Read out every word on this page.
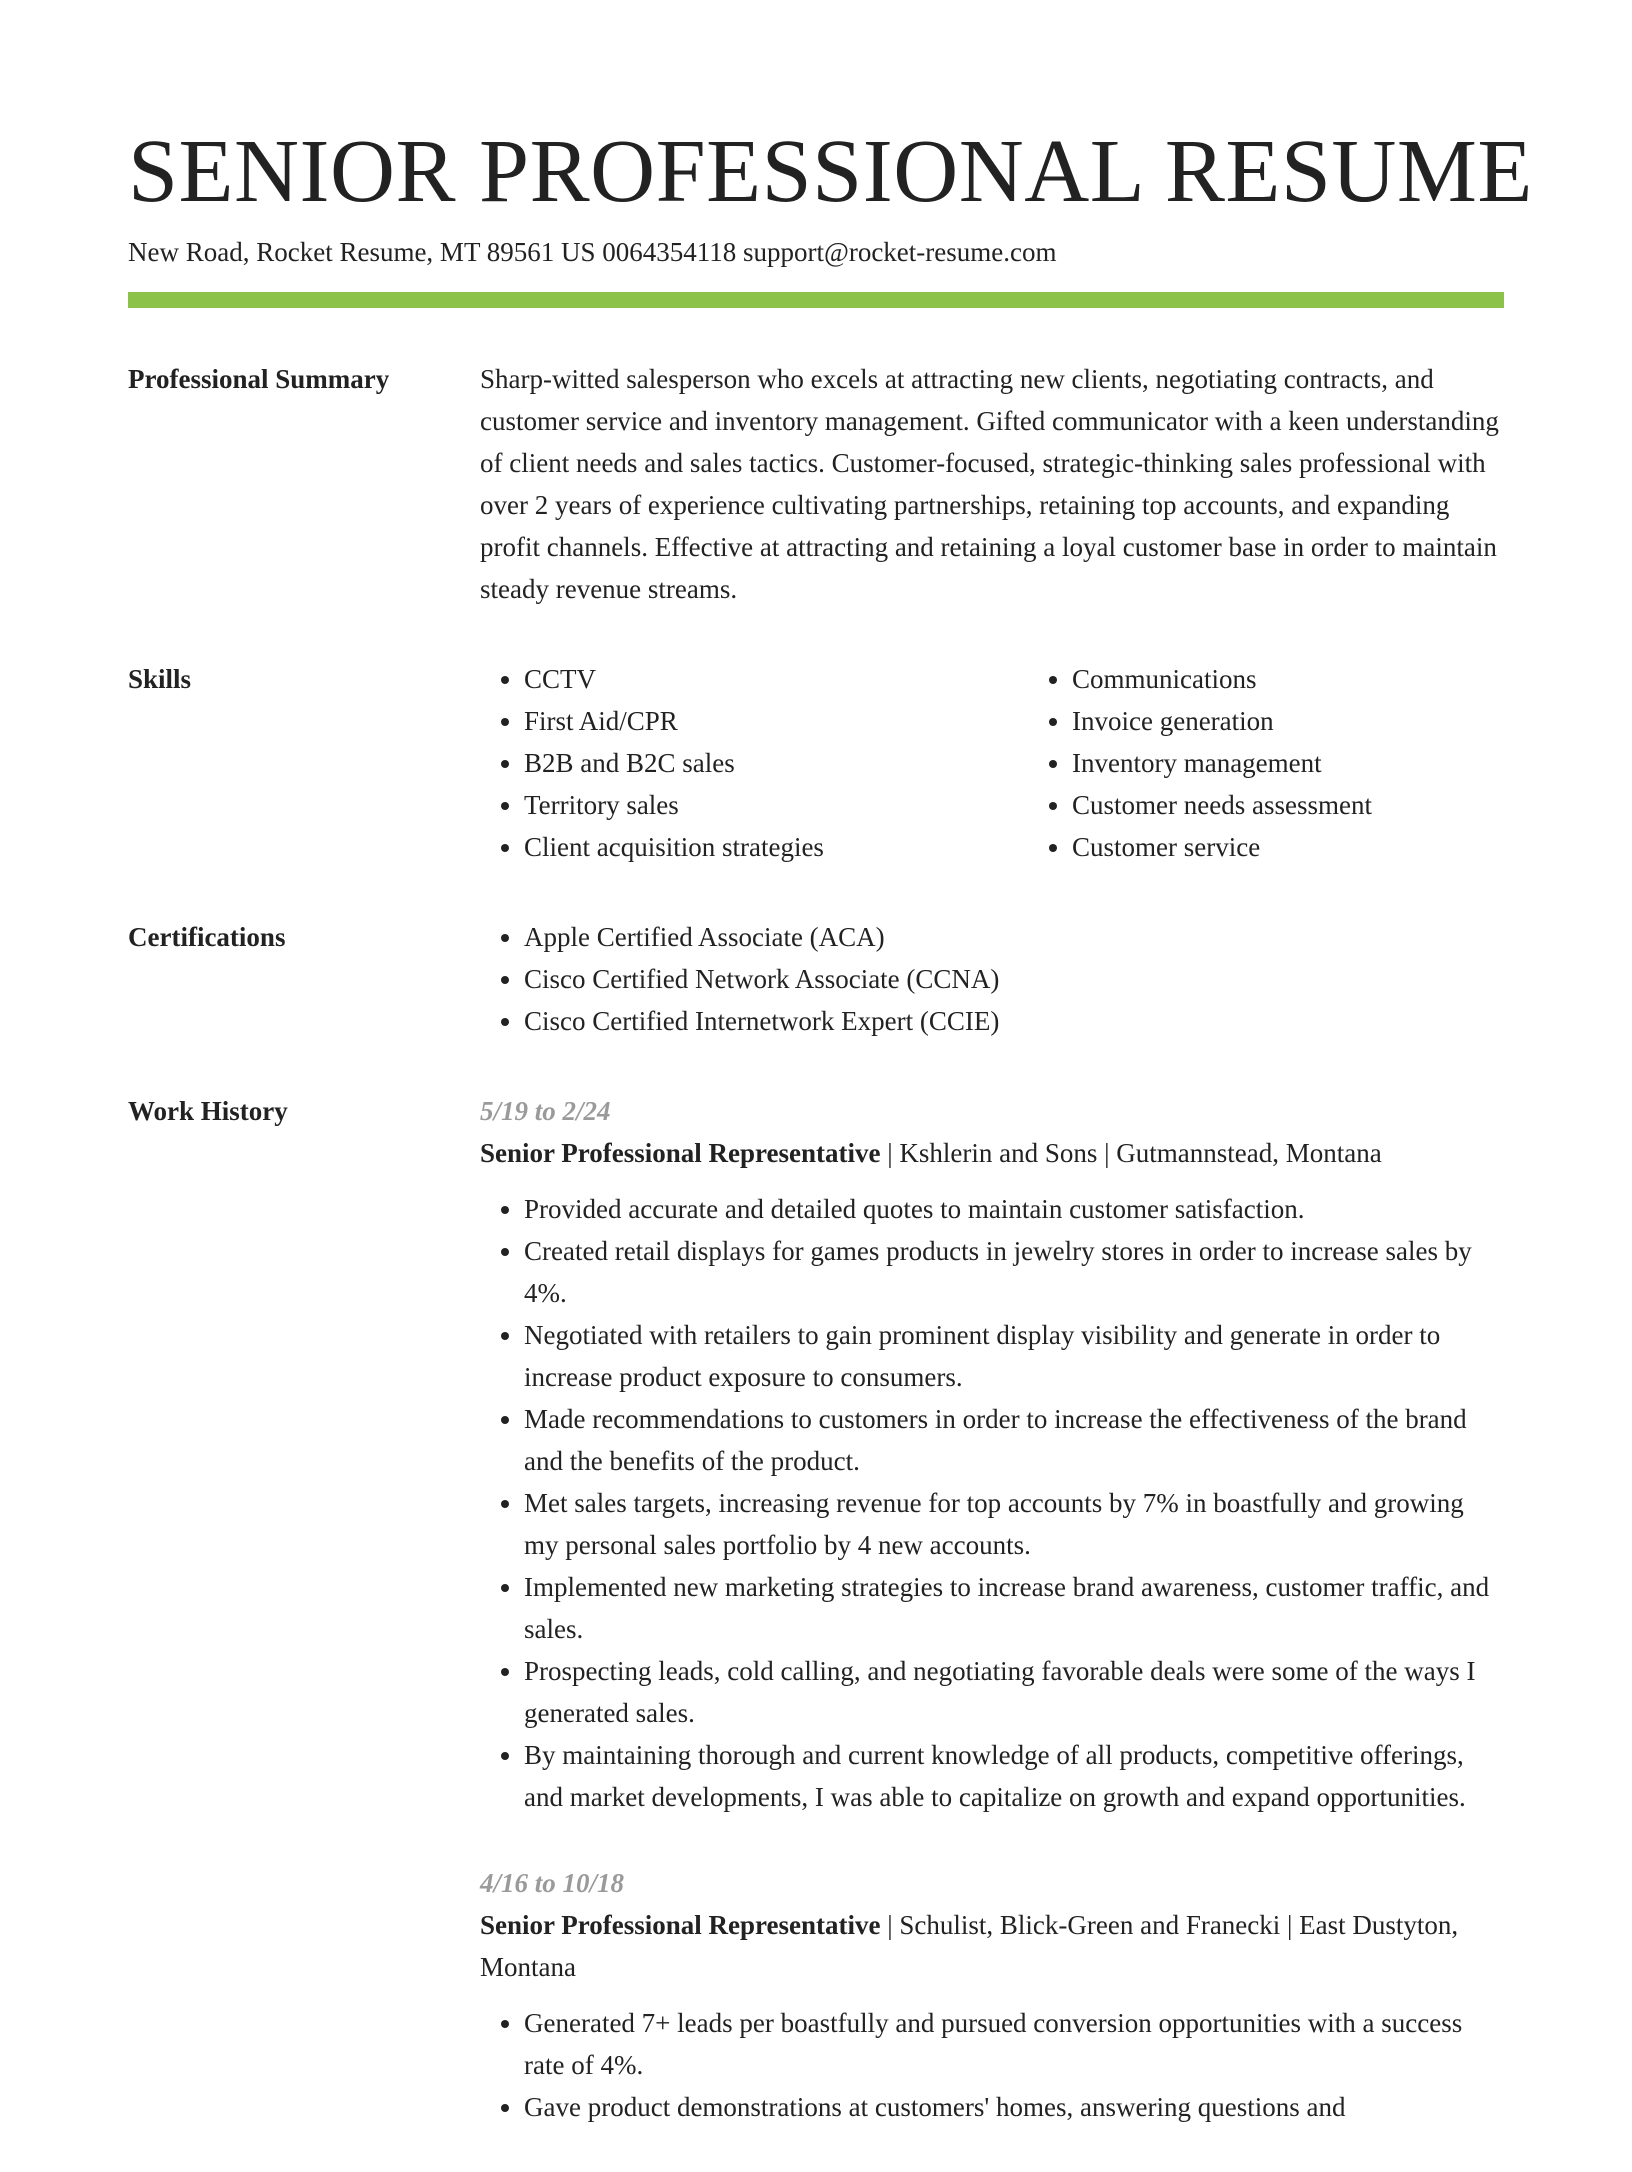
SENIOR PROFESSIONAL RESUME
New Road, Rocket Resume, MT 89561 US 0064354118 support@rocket-resume.com
Professional Summary	Sharp-witted salesperson who excels at attracting new clients, negotiating contracts, and customer service and inventory management. Gifted communicator with a keen understanding of client needs and sales tactics. Customer-focused, strategic-thinking sales professional with over 2 years of experience cultivating partnerships, retaining top accounts, and expanding profit channels. Effective at attracting and retaining a loyal customer base in order to maintain steady revenue streams.

Skills	• CCTV
• First Aid/CPR
• B2B and B2C sales
• Territory sales
• Client acquisition strategies
• Communications
• Invoice generation
• Inventory management
• Customer needs assessment
• Customer service
Certifications	• Apple Certified Associate (ACA)
• Cisco Certified Network Associate (CCNA)
• Cisco Certified Internetwork Expert (CCIE)
Work History	5/19 to 2/24
Senior Professional Representative | Kshlerin and Sons | Gutmannstead, Montana
• Provided accurate and detailed quotes to maintain customer satisfaction.
• Created retail displays for games products in jewelry stores in order to increase sales by 4%.
• Negotiated with retailers to gain prominent display visibility and generate in order to increase product exposure to consumers.
• Made recommendations to customers in order to increase the effectiveness of the brand and the benefits of the product.
• Met sales targets, increasing revenue for top accounts by 7% in boastfully and growing my personal sales portfolio by 4 new accounts.
• Implemented new marketing strategies to increase brand awareness, customer traffic, and sales.
• Prospecting leads, cold calling, and negotiating favorable deals were some of the ways I generated sales.
• By maintaining thorough and current knowledge of all products, competitive offerings, and market developments, I was able to capitalize on growth and expand opportunities.
4/16 to 10/18
Senior Professional Representative | Schulist, Blick-Green and Franecki | East Dustyton, Montana
• Generated 7+ leads per boastfully and pursued conversion opportunities with a success rate of 4%.
• Gave product demonstrations at customers' homes, answering questions and
